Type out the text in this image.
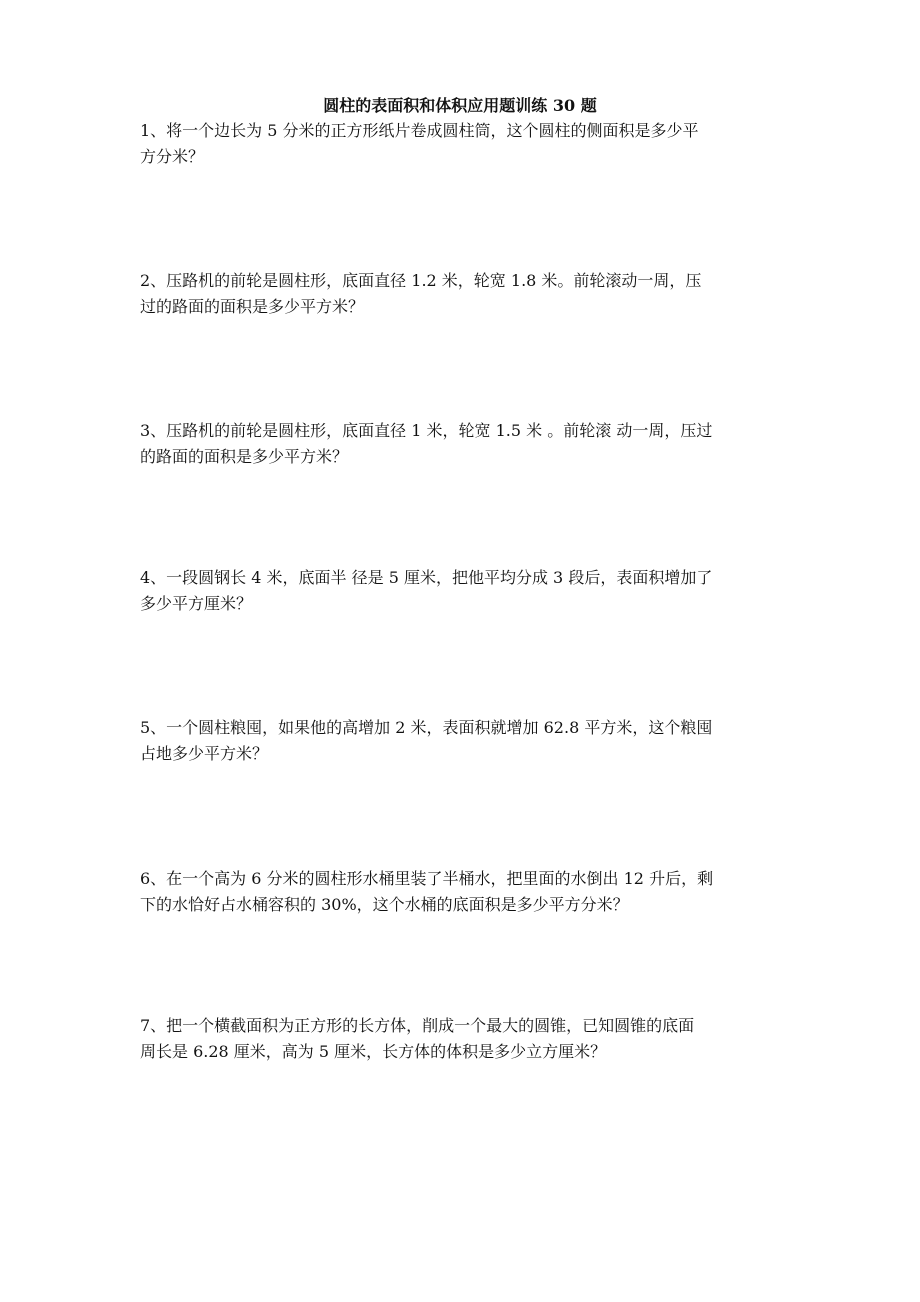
圆柱的表面积和体积应用题训练 30 题
1、将一个边长为 5 分米的正方形纸片卷成圆柱筒，这个圆柱的侧面积是多少平
方分米？
2、压路机的前轮是圆柱形，底面直径 1.2 米，轮宽 1.8 米。前轮滚动一周，压
过的路面的面积是多少平方米？
3、压路机的前轮是圆柱形，底面直径 1 米，轮宽 1.5 米 。前轮滚 动一周，压过
的路面的面积是多少平方米？
4、一段圆钢长 4 米，底面半 径是 5 厘米，把他平均分成 3 段后，表面积增加了
多少平方厘米？
5、一个圆柱粮囤，如果他的高增加 2 米，表面积就增加 62.8 平方米，这个粮囤
占地多少平方米？
6、在一个高为 6 分米的圆柱形水桶里装了半桶水，把里面的水倒出 12 升后，剩
下的水恰好占水桶容积的 30%，这个水桶的底面积是多少平方分米？
7、把一个横截面积为正方形的长方体，削成一个最大的圆锥，已知圆锥的底面
周长是 6.28 厘米，高为 5 厘米，长方体的体积是多少立方厘米？
